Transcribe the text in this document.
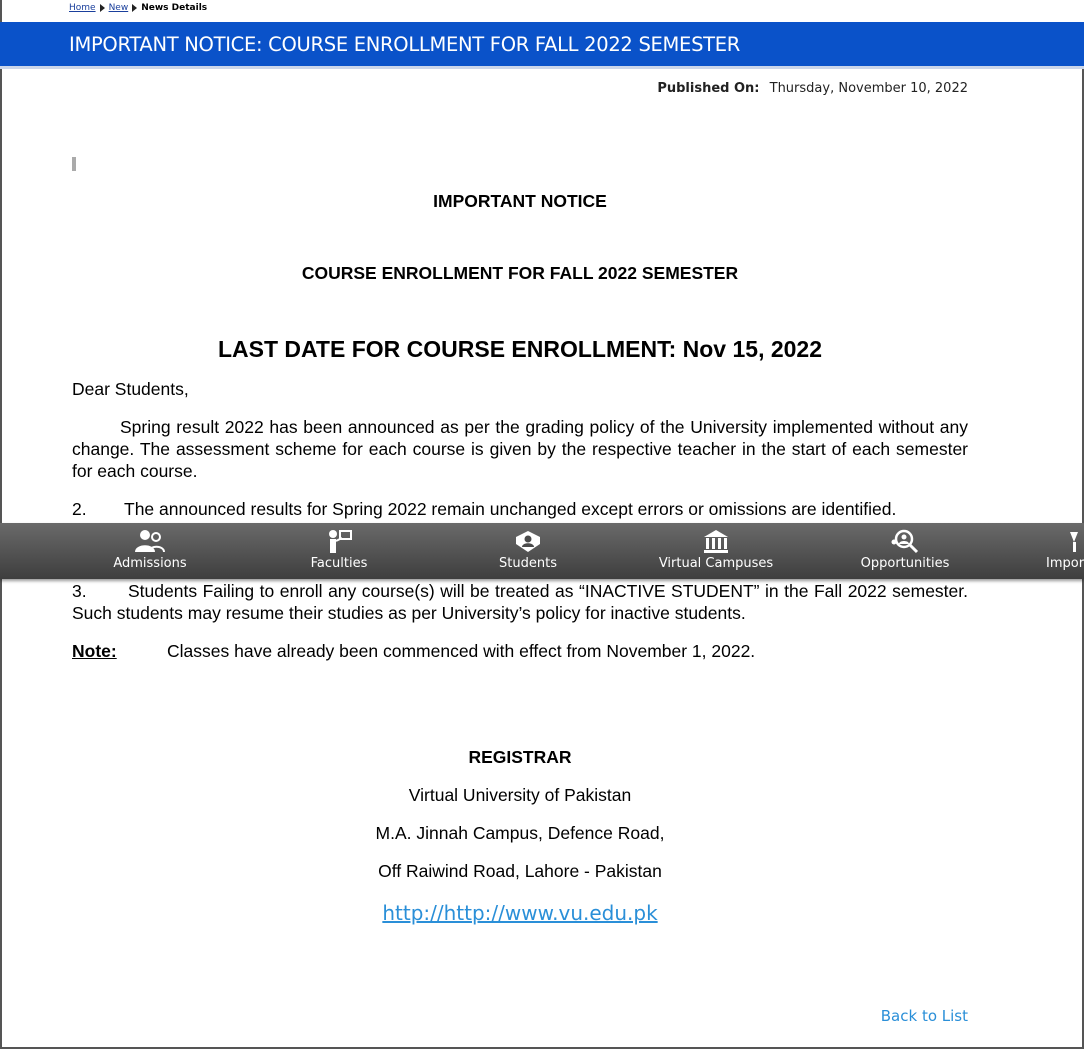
Home New News Details
IMPORTANT NOTICE: COURSE ENROLLMENT FOR FALL 2022 SEMESTER
Published On: Thursday, November 10, 2022
IMPORTANT NOTICE
COURSE ENROLLMENT FOR FALL 2022 SEMESTER
LAST DATE FOR COURSE ENROLLMENT: Nov 15, 2022
Dear Students,
Spring result 2022 has been announced as per the grading policy of the University implemented without any change. The assessment scheme for each course is given by the respective teacher in the start of each semester for each course.
2. The announced results for Spring 2022 remain unchanged except errors or omissions are identified.
3. Students Failing to enroll any course(s) will be treated as “INACTIVE STUDENT” in the Fall 2022 semester. Such students may resume their studies as per University’s policy for inactive students.
Note:	Classes have already been commenced with effect from November 1, 2022.
REGISTRAR
Virtual University of Pakistan
M.A. Jinnah Campus, Defence Road,
Off Raiwind Road, Lahore - Pakistan
http://http://www.vu.edu.pk
Back to List
Admissions	Faculties	Students	Virtual Campuses	Opportunities	Impor
